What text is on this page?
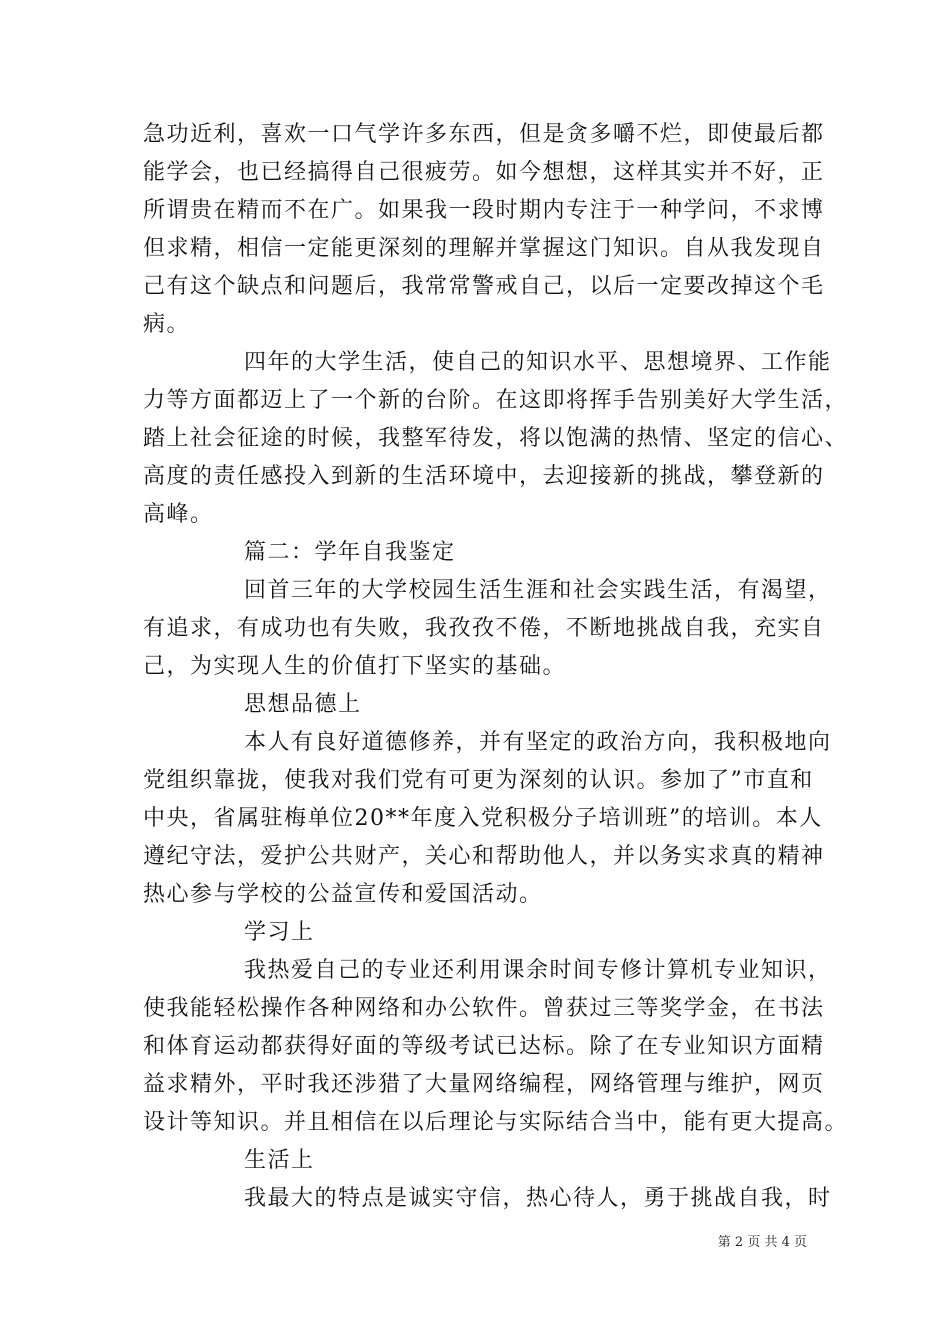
急功近利，喜欢一口气学许多东西，但是贪多嚼不烂，即使最后都
能学会，也已经搞得自己很疲劳。如今想想，这样其实并不好，正
所谓贵在精而不在广。如果我一段时期内专注于一种学问，不求博
但求精，相信一定能更深刻的理解并掌握这门知识。自从我发现自
己有这个缺点和问题后，我常常警戒自己，以后一定要改掉这个毛
病。
四年的大学生活，使自己的知识水平、思想境界、工作能
力等方面都迈上了一个新的台阶。在这即将挥手告别美好大学生活，
踏上社会征途的时候，我整军待发，将以饱满的热情、坚定的信心、
高度的责任感投入到新的生活环境中，去迎接新的挑战，攀登新的
高峰。
篇二：学年自我鉴定
回首三年的大学校园生活生涯和社会实践生活，有渴望，
有追求，有成功也有失败，我孜孜不倦，不断地挑战自我，充实自
己，为实现人生的价值打下坚实的基础。
思想品德上
本人有良好道德修养，并有坚定的政治方向，我积极地向
党组织靠拢，使我对我们党有可更为深刻的认识。参加了”市直和
中央，省属驻梅单位20**年度入党积极分子培训班”的培训。本人
遵纪守法，爱护公共财产，关心和帮助他人，并以务实求真的精神
热心参与学校的公益宣传和爱国活动。
学习上
我热爱自己的专业还利用课余时间专修计算机专业知识，
使我能轻松操作各种网络和办公软件。曾获过三等奖学金，在书法
和体育运动都获得好面的等级考试已达标。除了在专业知识方面精
益求精外，平时我还涉猎了大量网络编程，网络管理与维护，网页
设计等知识。并且相信在以后理论与实际结合当中，能有更大提高。
生活上
我最大的特点是诚实守信，热心待人，勇于挑战自我，时
第 2 页 共 4 页
